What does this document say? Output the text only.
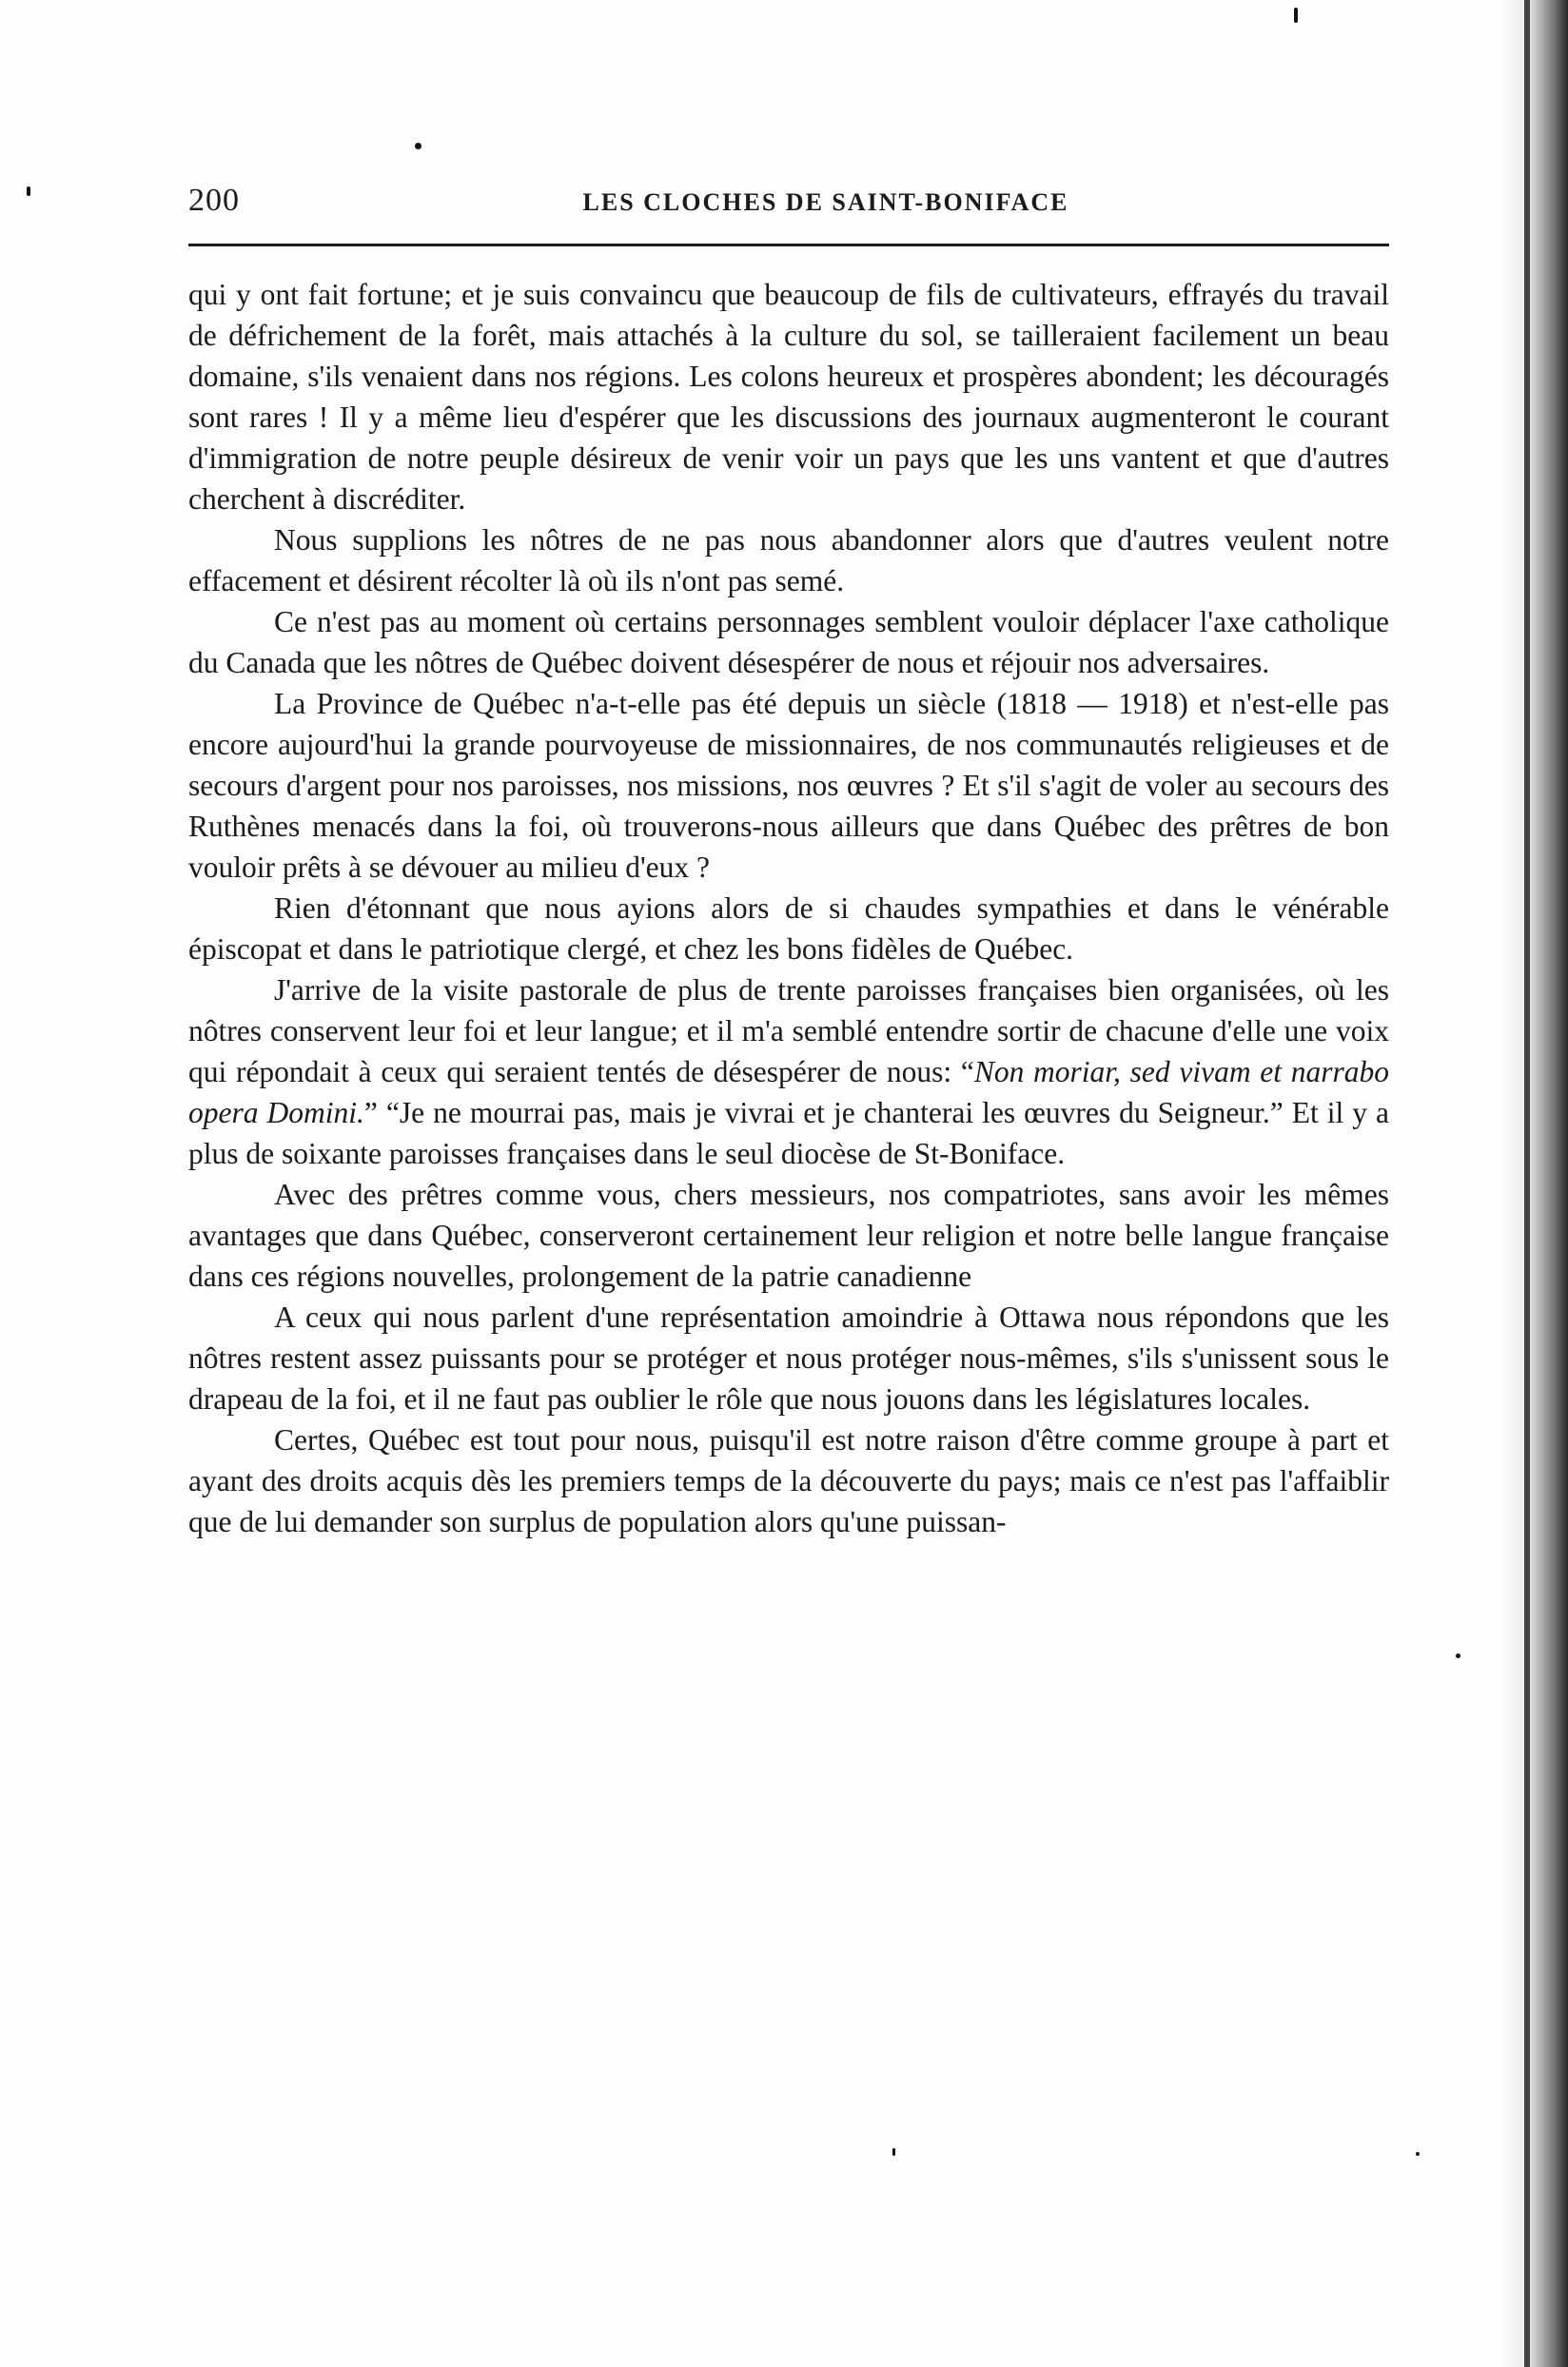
200	LES CLOCHES DE SAINT-BONIFACE

qui y ont fait fortune; et je suis convaincu que beaucoup de fils de cultivateurs, effrayés du travail de défrichement de la forêt, mais attachés à la culture du sol, se tailleraient facilement un beau domaine, s'ils venaient dans nos régions. Les colons heureux et prospères abondent; les découragés sont rares ! Il y a même lieu d'espérer que les discussions des journaux augmenteront le courant d'immigration de notre peuple désireux de venir voir un pays que les uns vantent et que d'autres cherchent à discréditer.

Nous supplions les nôtres de ne pas nous abandonner alors que d'autres veulent notre effacement et désirent récolter là où ils n'ont pas semé.

Ce n'est pas au moment où certains personnages semblent vouloir déplacer l'axe catholique du Canada que les nôtres de Québec doivent désespérer de nous et réjouir nos adversaires.

La Province de Québec n'a-t-elle pas été depuis un siècle (1818 — 1918) et n'est-elle pas encore aujourd'hui la grande pourvoyeuse de missionnaires, de nos communautés religieuses et de secours d'argent pour nos paroisses, nos missions, nos œuvres ? Et s'il s'agit de voler au secours des Ruthènes menacés dans la foi, où trouverons-nous ailleurs que dans Québec des prêtres de bon vouloir prêts à se dévouer au milieu d'eux ?

Rien d'étonnant que nous ayions alors de si chaudes sympathies et dans le vénérable épiscopat et dans le patriotique clergé, et chez les bons fidèles de Québec.

J'arrive de la visite pastorale de plus de trente paroisses françaises bien organisées, où les nôtres conservent leur foi et leur langue; et il m'a semblé entendre sortir de chacune d'elle une voix qui répondait à ceux qui seraient tentés de désespérer de nous: “Non moriar, sed vivam et narrabo opera Domini.” “Je ne mourrai pas, mais je vivrai et je chanterai les œuvres du Seigneur.” Et il y a plus de soixante paroisses françaises dans le seul diocèse de St-Boniface.

Avec des prêtres comme vous, chers messieurs, nos compatriotes, sans avoir les mêmes avantages que dans Québec, conserveront certainement leur religion et notre belle langue française dans ces régions nouvelles, prolongement de la patrie canadienne

A ceux qui nous parlent d'une représentation amoindrie à Ottawa nous répondons que les nôtres restent assez puissants pour se protéger et nous protéger nous-mêmes, s'ils s'unissent sous le drapeau de la foi, et il ne faut pas oublier le rôle que nous jouons dans les législatures locales.

Certes, Québec est tout pour nous, puisqu'il est notre raison d'être comme groupe à part et ayant des droits acquis dès les premiers temps de la découverte du pays; mais ce n'est pas l'affaiblir que de lui demander son surplus de population alors qu'une puissan-
